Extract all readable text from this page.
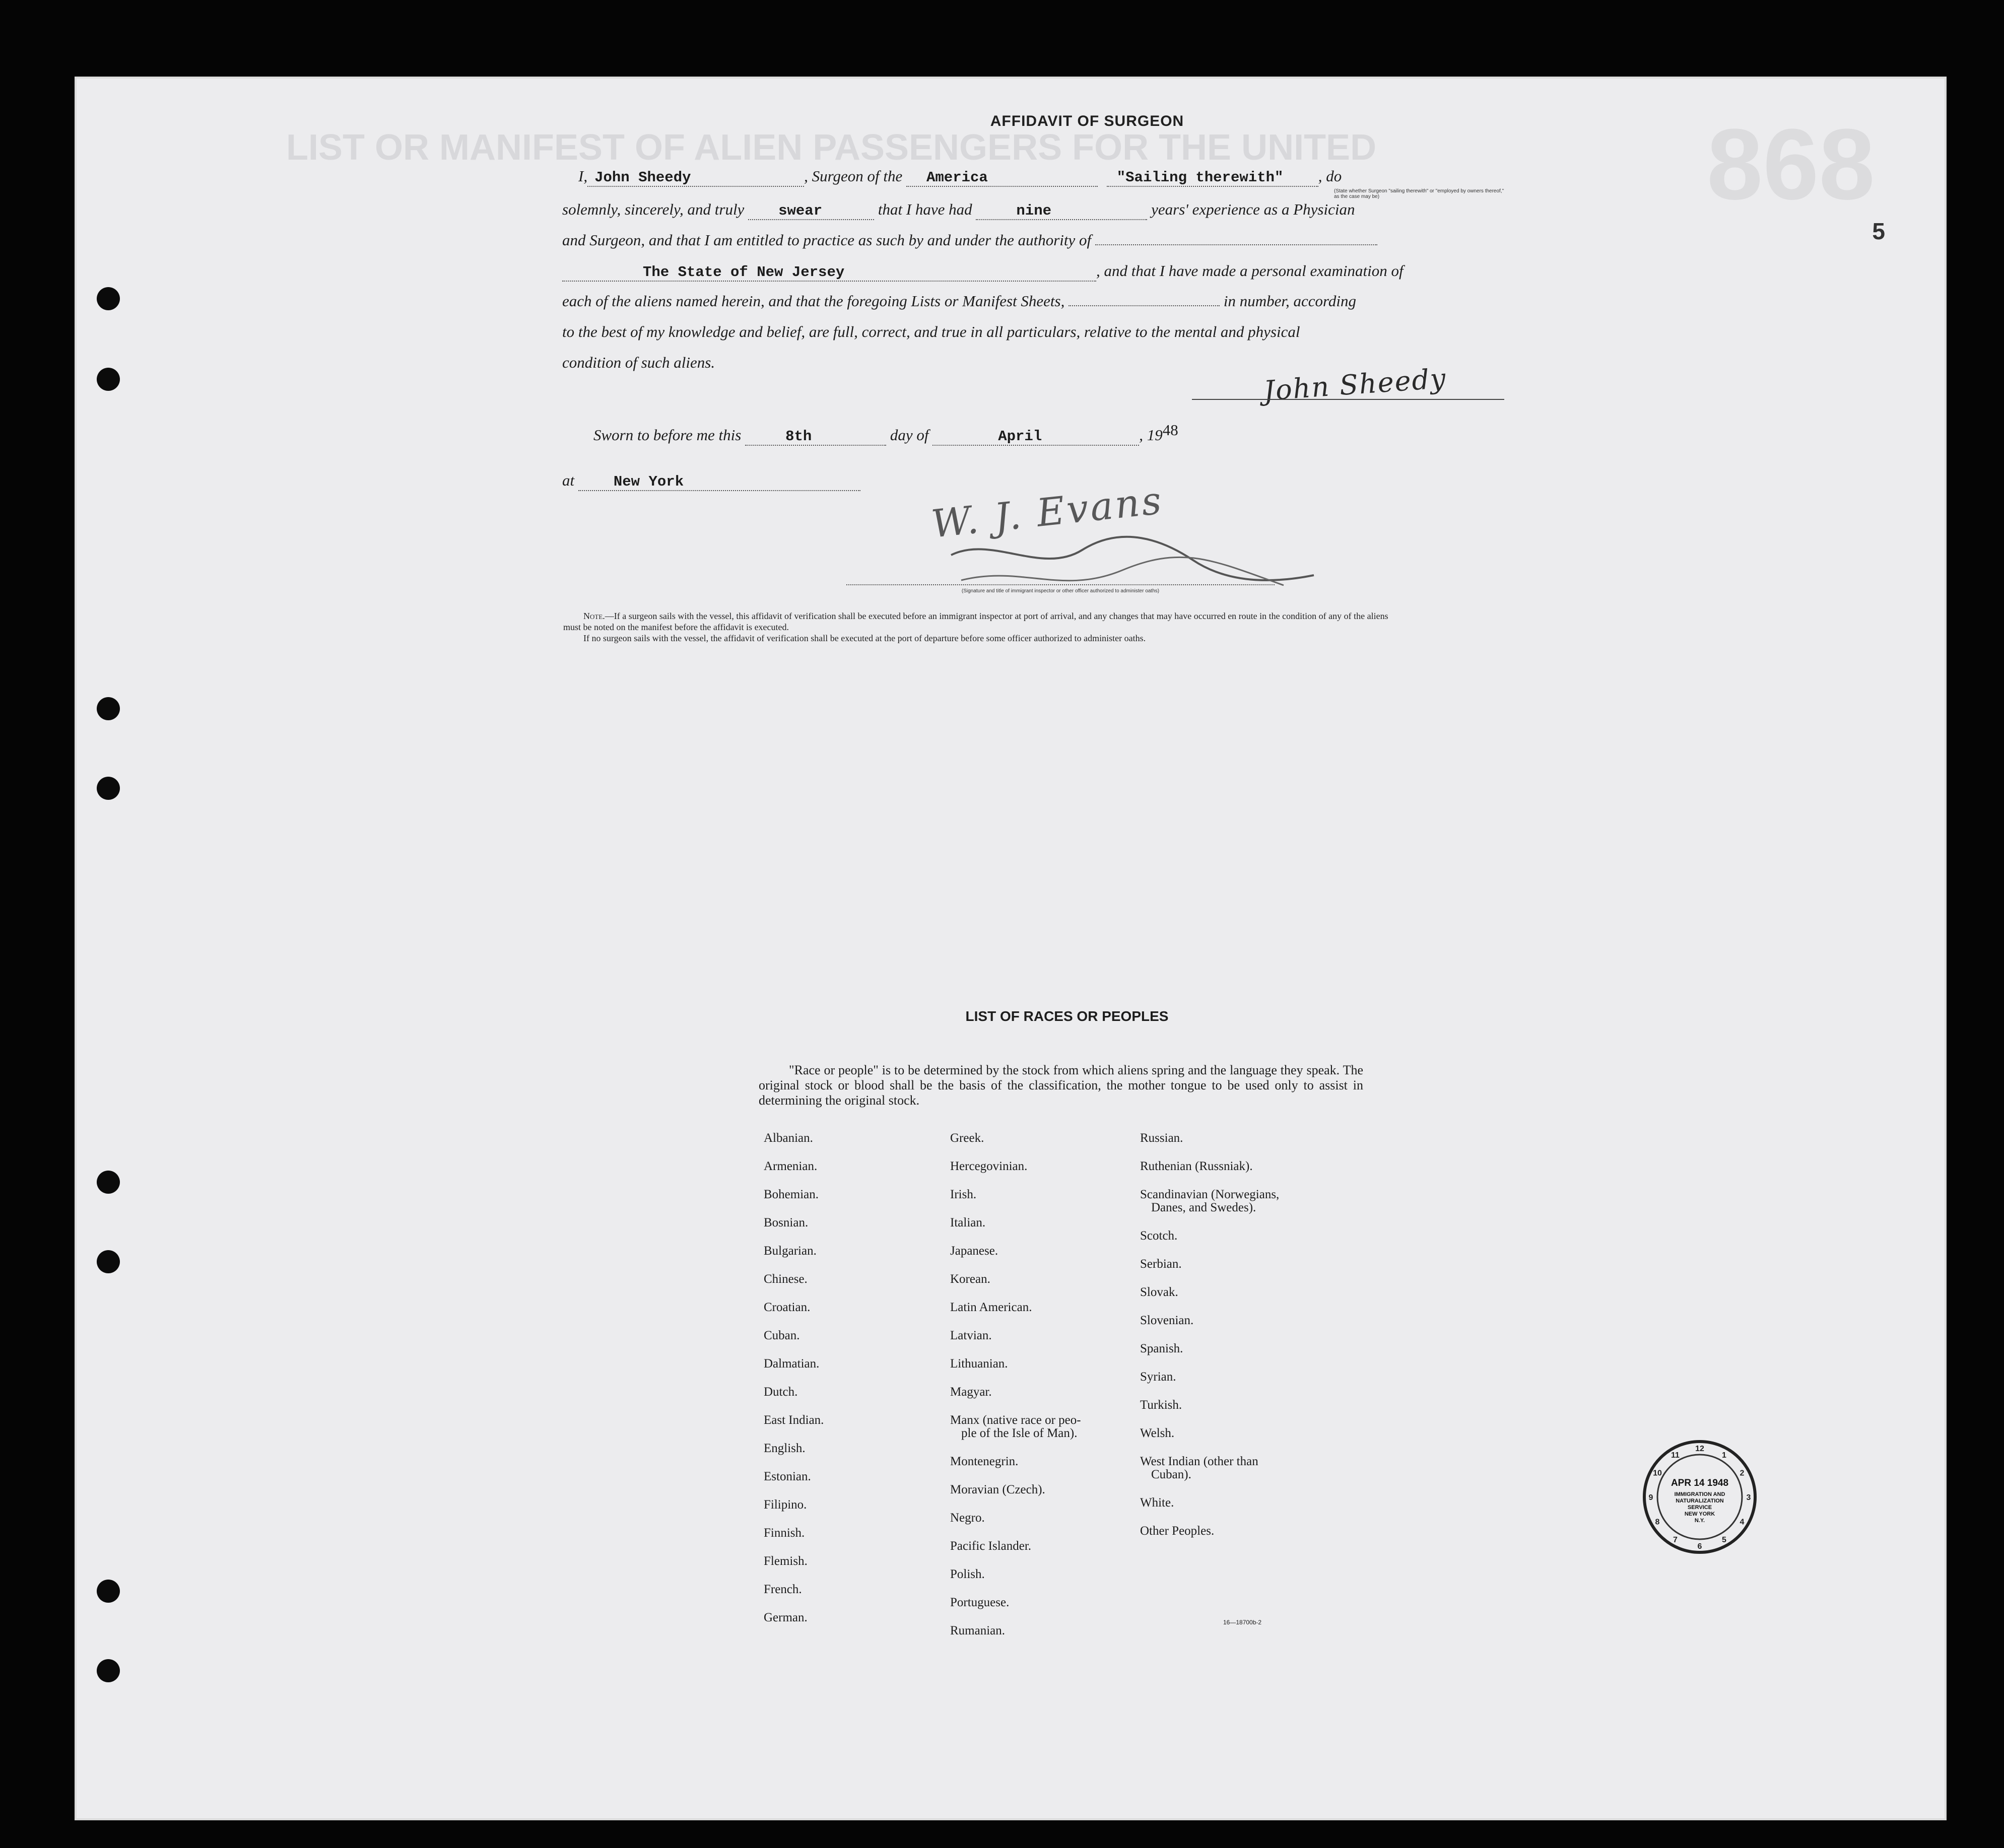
LIST OR MANIFEST OF ALIEN PASSENGERS FOR THE UNITED	868
5
AFFIDAVIT OF SURGEON
I, John Sheedy	, Surgeon of the America	"Sailing therewith" , do
(State whether Surgeon "sailing therewith" or "employed by owners thereof," as the case may be)
solemnly, sincerely, and truly swear	that I have had	nine	years' experience as a Physician
and Surgeon, and that I am entitled to practice as such by and under the authority of
The State of New Jersey	, and that I have made a personal examination of
each of the aliens named herein, and that the foregoing Lists or Manifest Sheets,	in number, according
to the best of my knowledge and belief, are full, correct, and true in all particulars, relative to the mental and physical
condition of such aliens.	John Sheedy
Sworn to before me this	8th	day of	April	, 1948
at	New York	W. J. Evans
(Signature and title of immigrant inspector or other officer authorized to administer oaths)
Note.—If a surgeon sails with the vessel, this affidavit of verification shall be executed before an immigrant inspector at port of arrival, and any changes that may have occurred en route in the condition of any of the aliens must be noted on the manifest before the affidavit is executed.
If no surgeon sails with the vessel, the affidavit of verification shall be executed at the port of departure before some officer authorized to administer oaths.
LIST OF RACES OR PEOPLES
"Race or people" is to be determined by the stock from which aliens spring and the language they speak. The original stock or blood shall be the basis of the classification, the mother tongue to be used only to assist in determining the original stock.
Albanian.
Armenian.
Bohemian.
Bosnian.
Bulgarian.
Chinese.
Croatian.
Cuban.
Dalmatian.
Dutch.
East Indian.
English.
Estonian.
Filipino.
Finnish.
Flemish.
French.
German.
Greek.
Hercegovinian.
Irish.
Italian.
Japanese.
Korean.
Latin American.
Latvian.
Lithuanian.
Magyar.
Manx (native race or peo-
ple of the Isle of Man).
Montenegrin.
Moravian (Czech).
Negro.
Pacific Islander.
Polish.
Portuguese.
Rumanian.
Russian.
Ruthenian (Russniak).
Scandinavian (Norwegians,
Danes, and Swedes).
Scotch.
Serbian.
Slovak.
Slovenian.
Spanish.
Syrian.
Turkish.
Welsh.
West Indian (other than
Cuban).
White.
Other Peoples.
16—18700b-2
12
1
2
3
4
5
6
7
8
9
10
11
APR 14 1948
IMMIGRATION AND
NATURALIZATION
SERVICE
NEW YORK
N.Y.
